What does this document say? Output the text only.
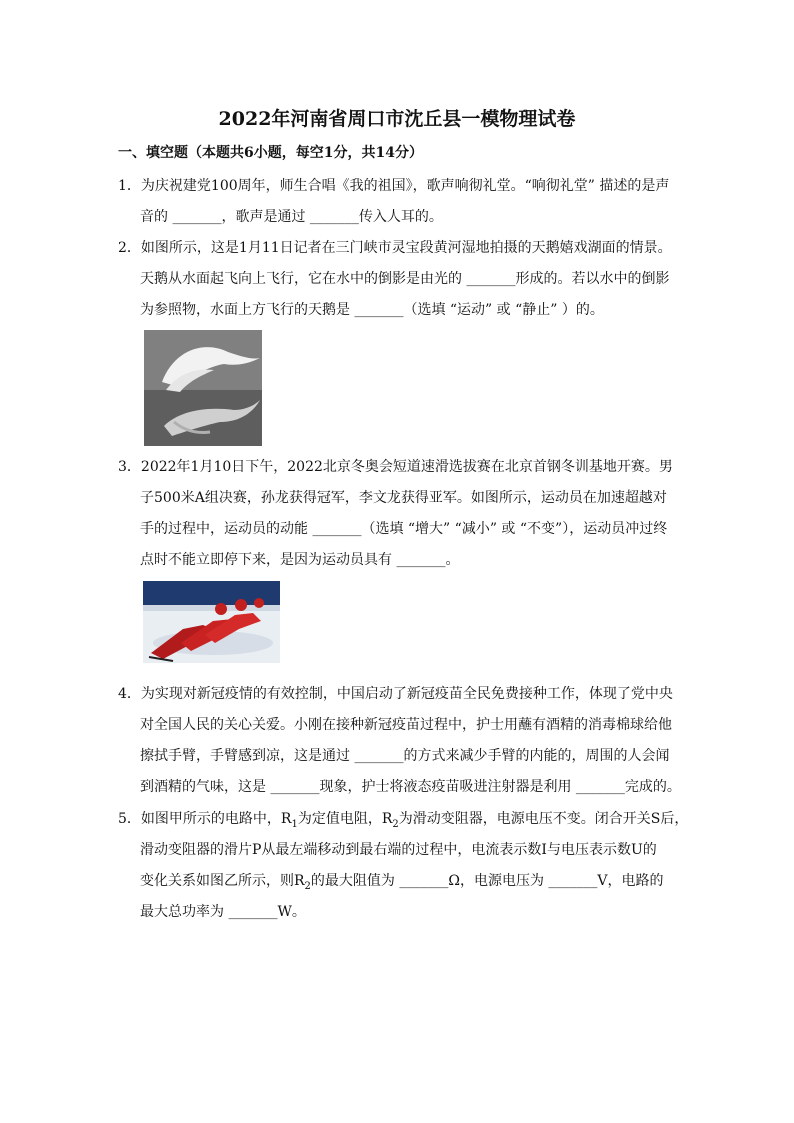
2022年河南省周口市沈丘县一模物理试卷
一、填空题（本题共6小题，每空1分，共14分）
1．为庆祝建党100周年，师生合唱《我的祖国》，歌声响彻礼堂。“响彻礼堂” 描述的是声
音的 _______，歌声是通过 _______传入人耳的。
2．如图所示，这是1月11日记者在三门峡市灵宝段黄河湿地拍摄的天鹅嬉戏湖面的情景。
天鹅从水面起飞向上飞行，它在水中的倒影是由光的 _______形成的。若以水中的倒影
为参照物，水面上方飞行的天鹅是 _______（选填 “运动” 或 “静止” ）的。
3．2022年1月10日下午，2022北京冬奥会短道速滑选拔赛在北京首钢冬训基地开赛。男
子500米A组决赛，孙龙获得冠军，李文龙获得亚军。如图所示，运动员在加速超越对
手的过程中，运动员的动能 _______（选填 “增大” “减小” 或 “不变”），运动员冲过终
点时不能立即停下来，是因为运动员具有 _______。
4．为实现对新冠疫情的有效控制，中国启动了新冠疫苗全民免费接种工作，体现了党中央
对全国人民的关心关爱。小刚在接种新冠疫苗过程中，护士用蘸有酒精的消毒棉球给他
擦拭手臂，手臂感到凉，这是通过 _______的方式来减少手臂的内能的，周围的人会闻
到酒精的气味，这是 _______现象，护士将液态疫苗吸进注射器是利用 _______完成的。
5．如图甲所示的电路中，$R_1$为定值电阻，$R_2$为滑动变阻器，电源电压不变。闭合开关S后，
滑动变阻器的滑片P从最左端移动到最右端的过程中，电流表示数I与电压表示数U的
变化关系如图乙所示，则$R_2$的最大阻值为 _______Ω，电源电压为 _______V，电路的
最大总功率为 _______W。
